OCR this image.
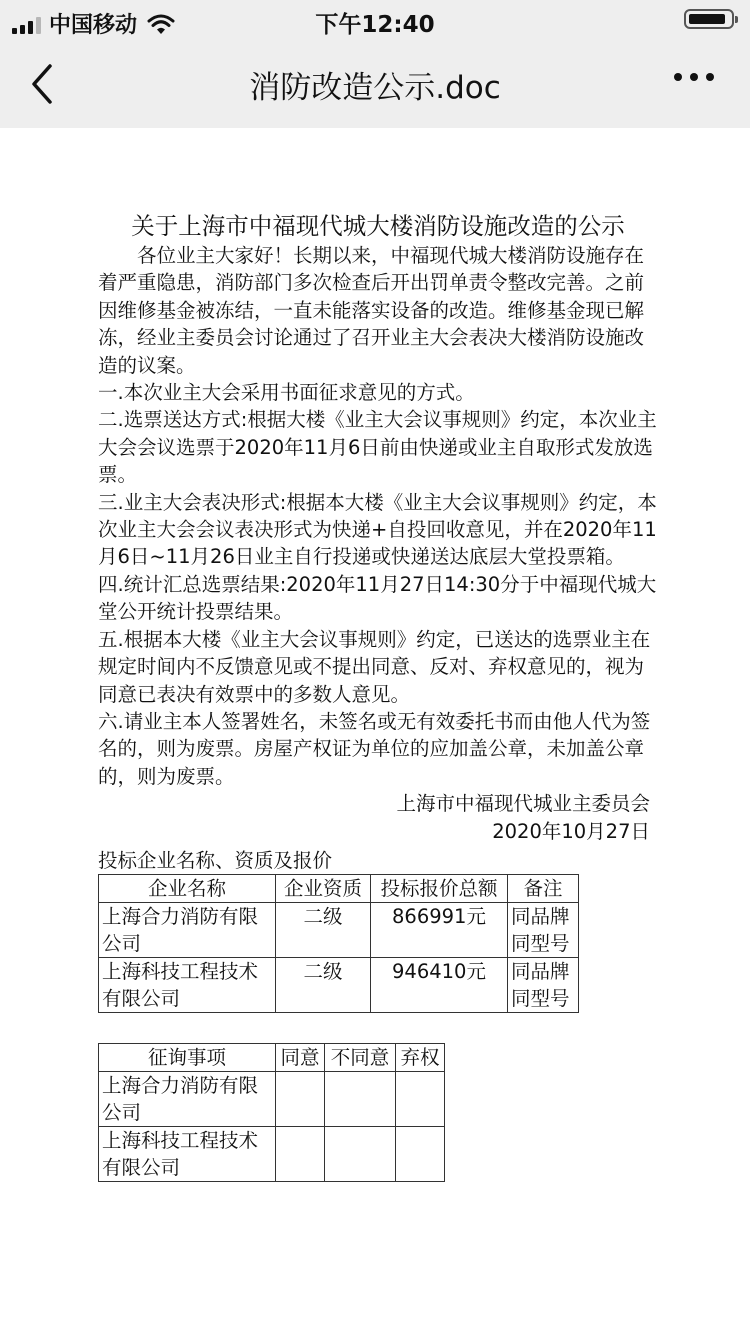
中国移动	下午12:40
消防改造公示.doc
关于上海市中福现代城大楼消防设施改造的公示

各位业主大家好！长期以来，中福现代城大楼消防设施存在着严重隐患，消防部门多次检查后开出罚单责令整改完善。之前因维修基金被冻结，一直未能落实设备的改造。维修基金现已解冻，经业主委员会讨论通过了召开业主大会表决大楼消防设施改造的议案。

一.本次业主大会采用书面征求意见的方式。

二.选票送达方式:根据大楼《业主大会议事规则》约定，本次业主大会会议选票于2020年11月6日前由快递或业主自取形式发放选票。

三.业主大会表决形式:根据本大楼《业主大会议事规则》约定，本次业主大会会议表决形式为快递+自投回收意见，并在2020年11月6日~11月26日业主自行投递或快递送达底层大堂投票箱。

四.统计汇总选票结果:2020年11月27日14:30分于中福现代城大堂公开统计投票结果。

五.根据本大楼《业主大会议事规则》约定，已送达的选票业主在规定时间内不反馈意见或不提出同意、反对、弃权意见的，视为同意已表决有效票中的多数人意见。

六.请业主本人签署姓名，未签名或无有效委托书而由他人代为签名的，则为废票。房屋产权证为单位的应加盖公章，未加盖公章的，则为废票。

上海市中福现代城业主委员会

2020年10月27日

投标企业名称、资质及报价

企业名称	企业资质	投标报价总额	备注
上海合力消防有限公司	二级	866991元	同品牌同型号
上海科技工程技术有限公司	二级	946410元	同品牌同型号
征询事项	同意	不同意	弃权
上海合力消防有限公司			
上海科技工程技术有限公司			
